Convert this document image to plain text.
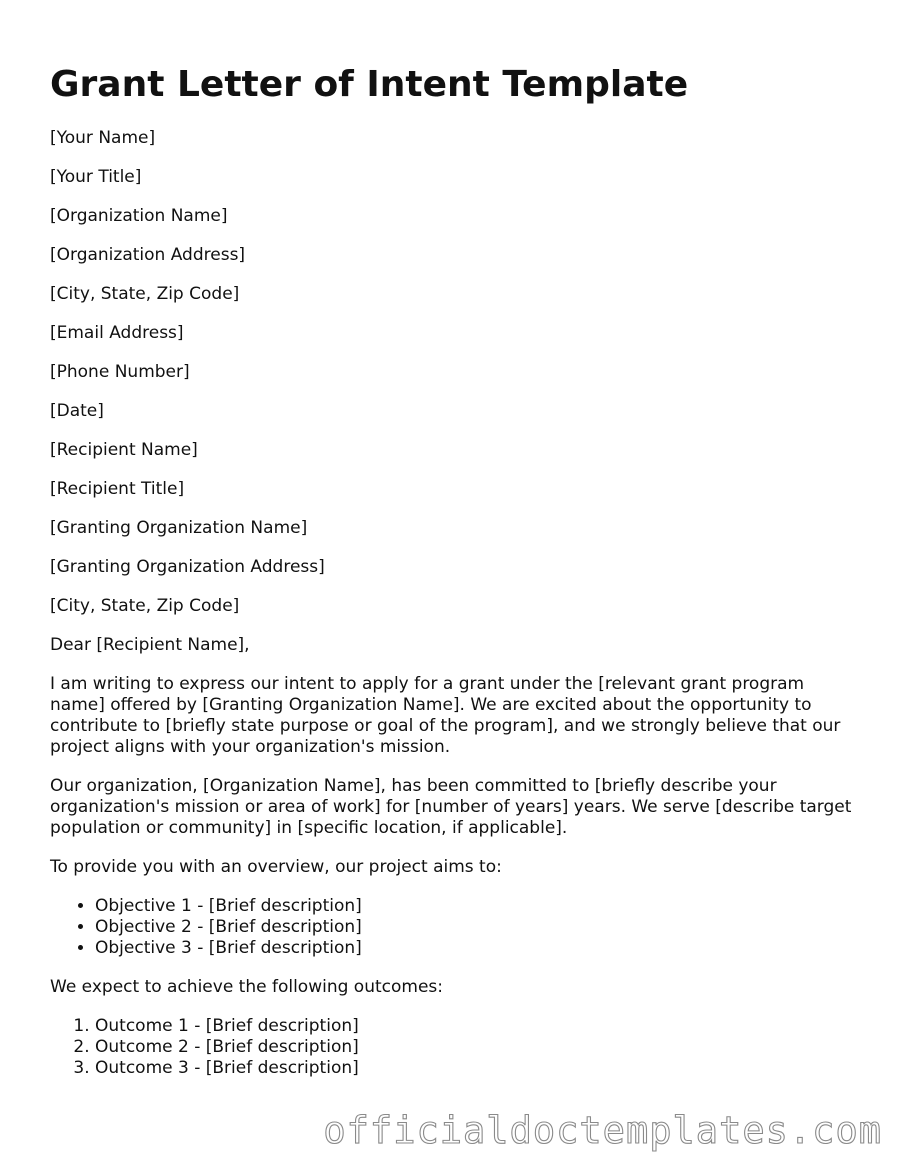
Grant Letter of Intent Template

[Your Name]

[Your Title]

[Organization Name]

[Organization Address]

[City, State, Zip Code]

[Email Address]

[Phone Number]

[Date]

[Recipient Name]

[Recipient Title]

[Granting Organization Name]

[Granting Organization Address]

[City, State, Zip Code]

Dear [Recipient Name],

I am writing to express our intent to apply for a grant under the [relevant grant program name] offered by [Granting Organization Name]. We are excited about the opportunity to contribute to [briefly state purpose or goal of the program], and we strongly believe that our project aligns with your organization's mission.

Our organization, [Organization Name], has been committed to [briefly describe your organization's mission or area of work] for [number of years] years. We serve [describe target population or community] in [specific location, if applicable].

To provide you with an overview, our project aims to:

• Objective 1 - [Brief description]
• Objective 2 - [Brief description]
• Objective 3 - [Brief description]

We expect to achieve the following outcomes:

1. Outcome 1 - [Brief description]
2. Outcome 2 - [Brief description]
3. Outcome 3 - [Brief description]
officialdoctemplates.com
